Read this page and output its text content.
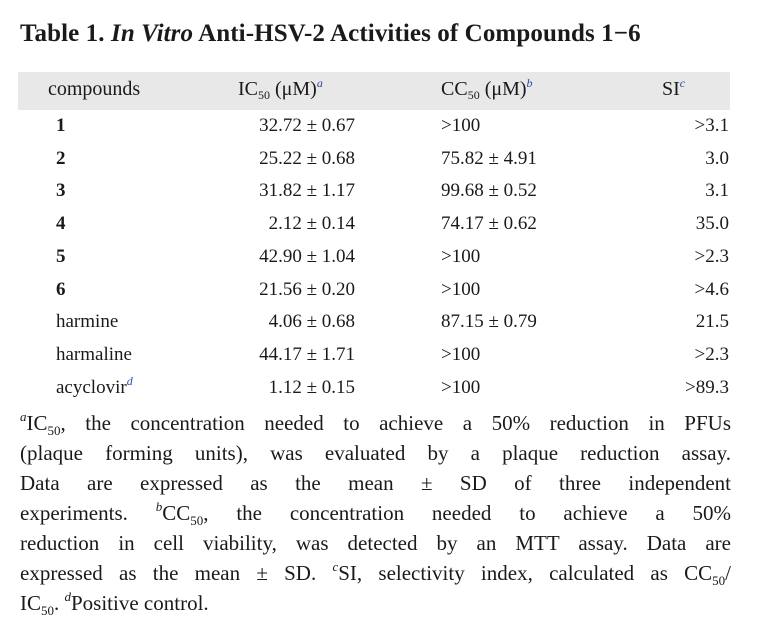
Table 1. In Vitro Anti-HSV-2 Activities of Compounds 1−6
compounds	$IC_{50}$ (μM)$^a$	$CC_{50}$ (μM)$^b$	SI$^c$
1	32.72 ± 0.67	>100	>3.1
2	25.22 ± 0.68	75.82 ± 4.91	3.0
3	31.82 ± 1.17	99.68 ± 0.52	3.1
4	2.12 ± 0.14	74.17 ± 0.62	35.0
5	42.90 ± 1.04	>100	>2.3
6	21.56 ± 0.20	>100	>4.6
harmine	4.06 ± 0.68	87.15 ± 0.79	21.5
harmaline	44.17 ± 1.71	>100	>2.3
acyclovir$^d$	1.12 ± 0.15	>100	>89.3
$^aIC_{50}$, the concentration needed to achieve a 50% reduction in PFUs
(plaque forming units), was evaluated by a plaque reduction assay.
Data are expressed as the mean ± SD of three independent
experiments. $^bCC_{50}$, the concentration needed to achieve a 50%
reduction in cell viability, was detected by an MTT assay. Data are
expressed as the mean ± SD. $^c$SI, selectivity index, calculated as $CC_{50}/$
$IC_{50}$. $^d$Positive control.
